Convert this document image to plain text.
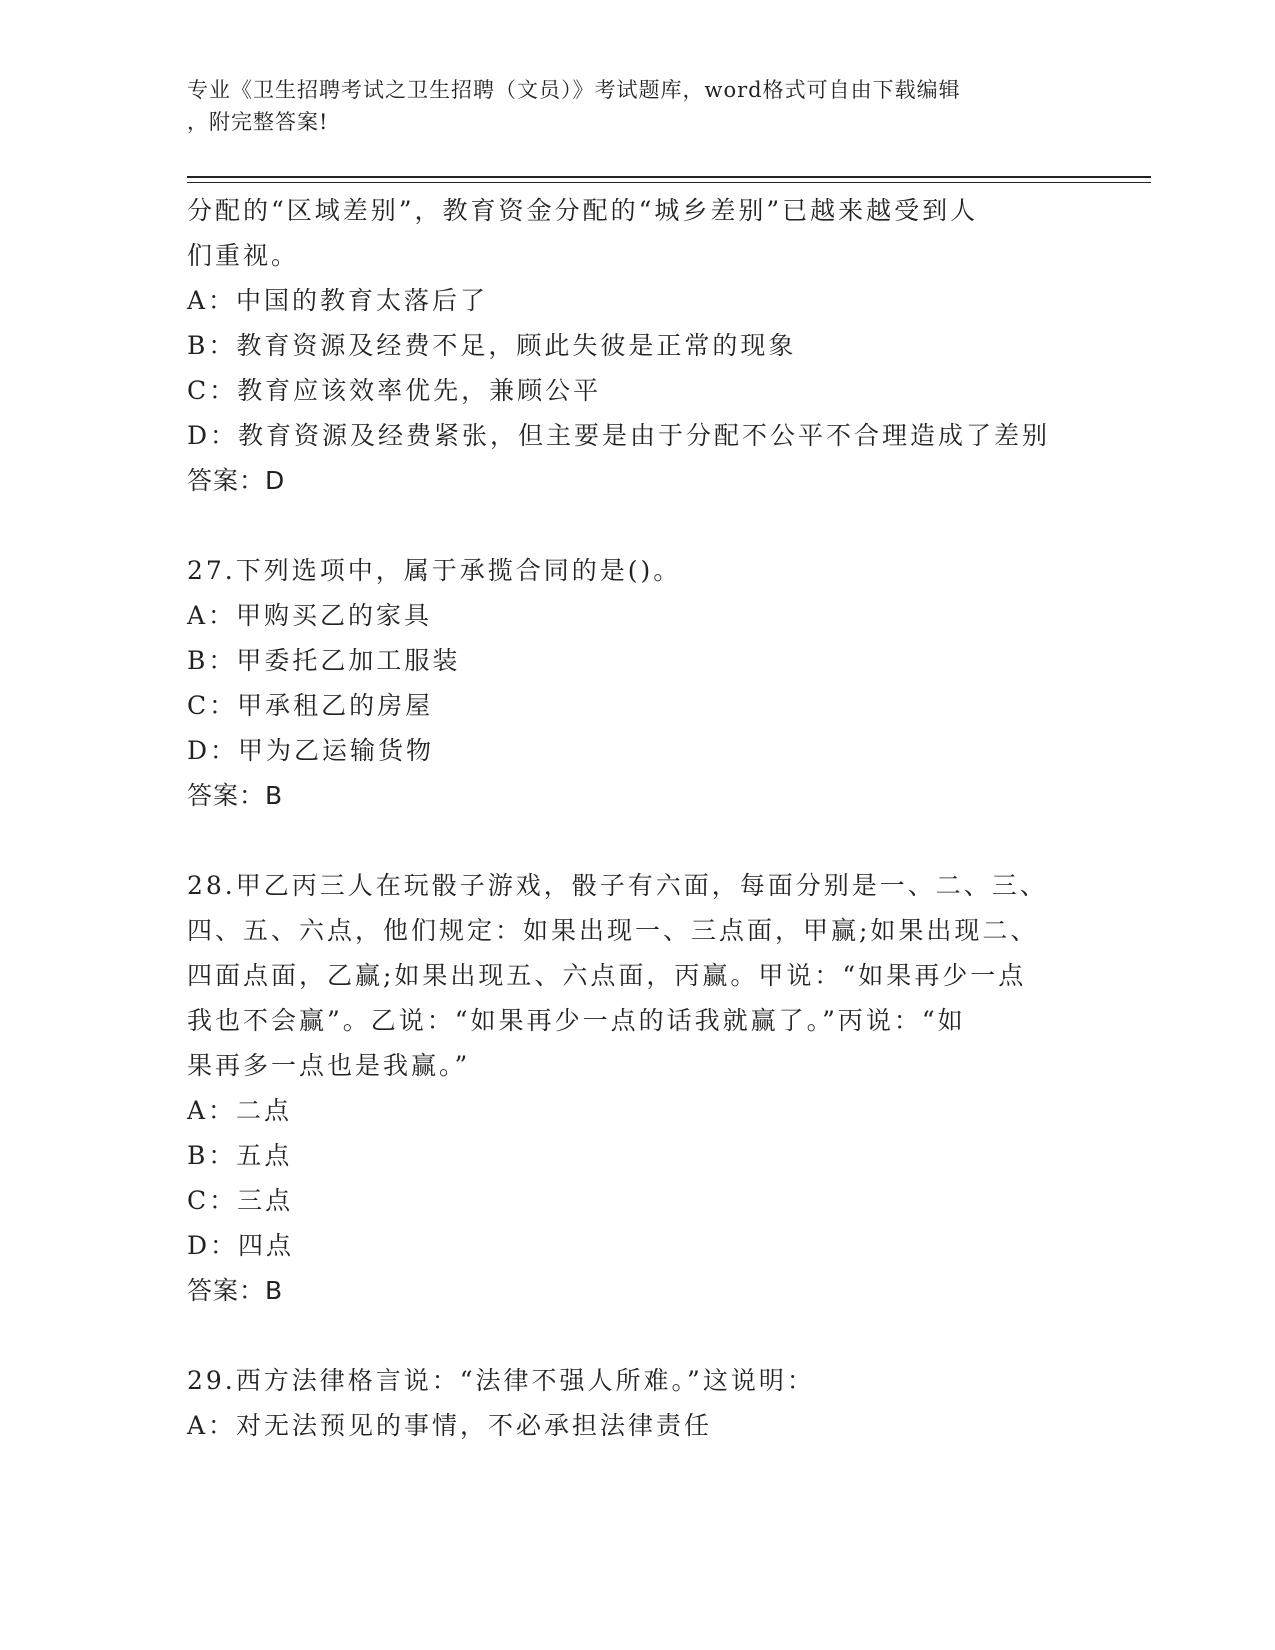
专业《卫生招聘考试之卫生招聘（文员）》考试题库，word格式可自由下载编辑
，附完整答案!
分配的“区域差别”，教育资金分配的“城乡差别”已越来越受到人
们重视。
A：中国的教育太落后了
B：教育资源及经费不足，顾此失彼是正常的现象
C：教育应该效率优先，兼顾公平
D：教育资源及经费紧张，但主要是由于分配不公平不合理造成了差别
答案：D
27.下列选项中，属于承揽合同的是()。
A：甲购买乙的家具
B：甲委托乙加工服装
C：甲承租乙的房屋
D：甲为乙运输货物
答案：B
28.甲乙丙三人在玩骰子游戏，骰子有六面，每面分别是一、二、三、
四、五、六点，他们规定：如果出现一、三点面，甲赢;如果出现二、
四面点面，乙赢;如果出现五、六点面，丙赢。甲说：“如果再少一点
我也不会赢”。乙说：“如果再少一点的话我就赢了。”丙说：“如
果再多一点也是我赢。”
A：二点
B：五点
C：三点
D：四点
答案：B
29.西方法律格言说：“法律不强人所难。”这说明：
A：对无法预见的事情，不必承担法律责任
